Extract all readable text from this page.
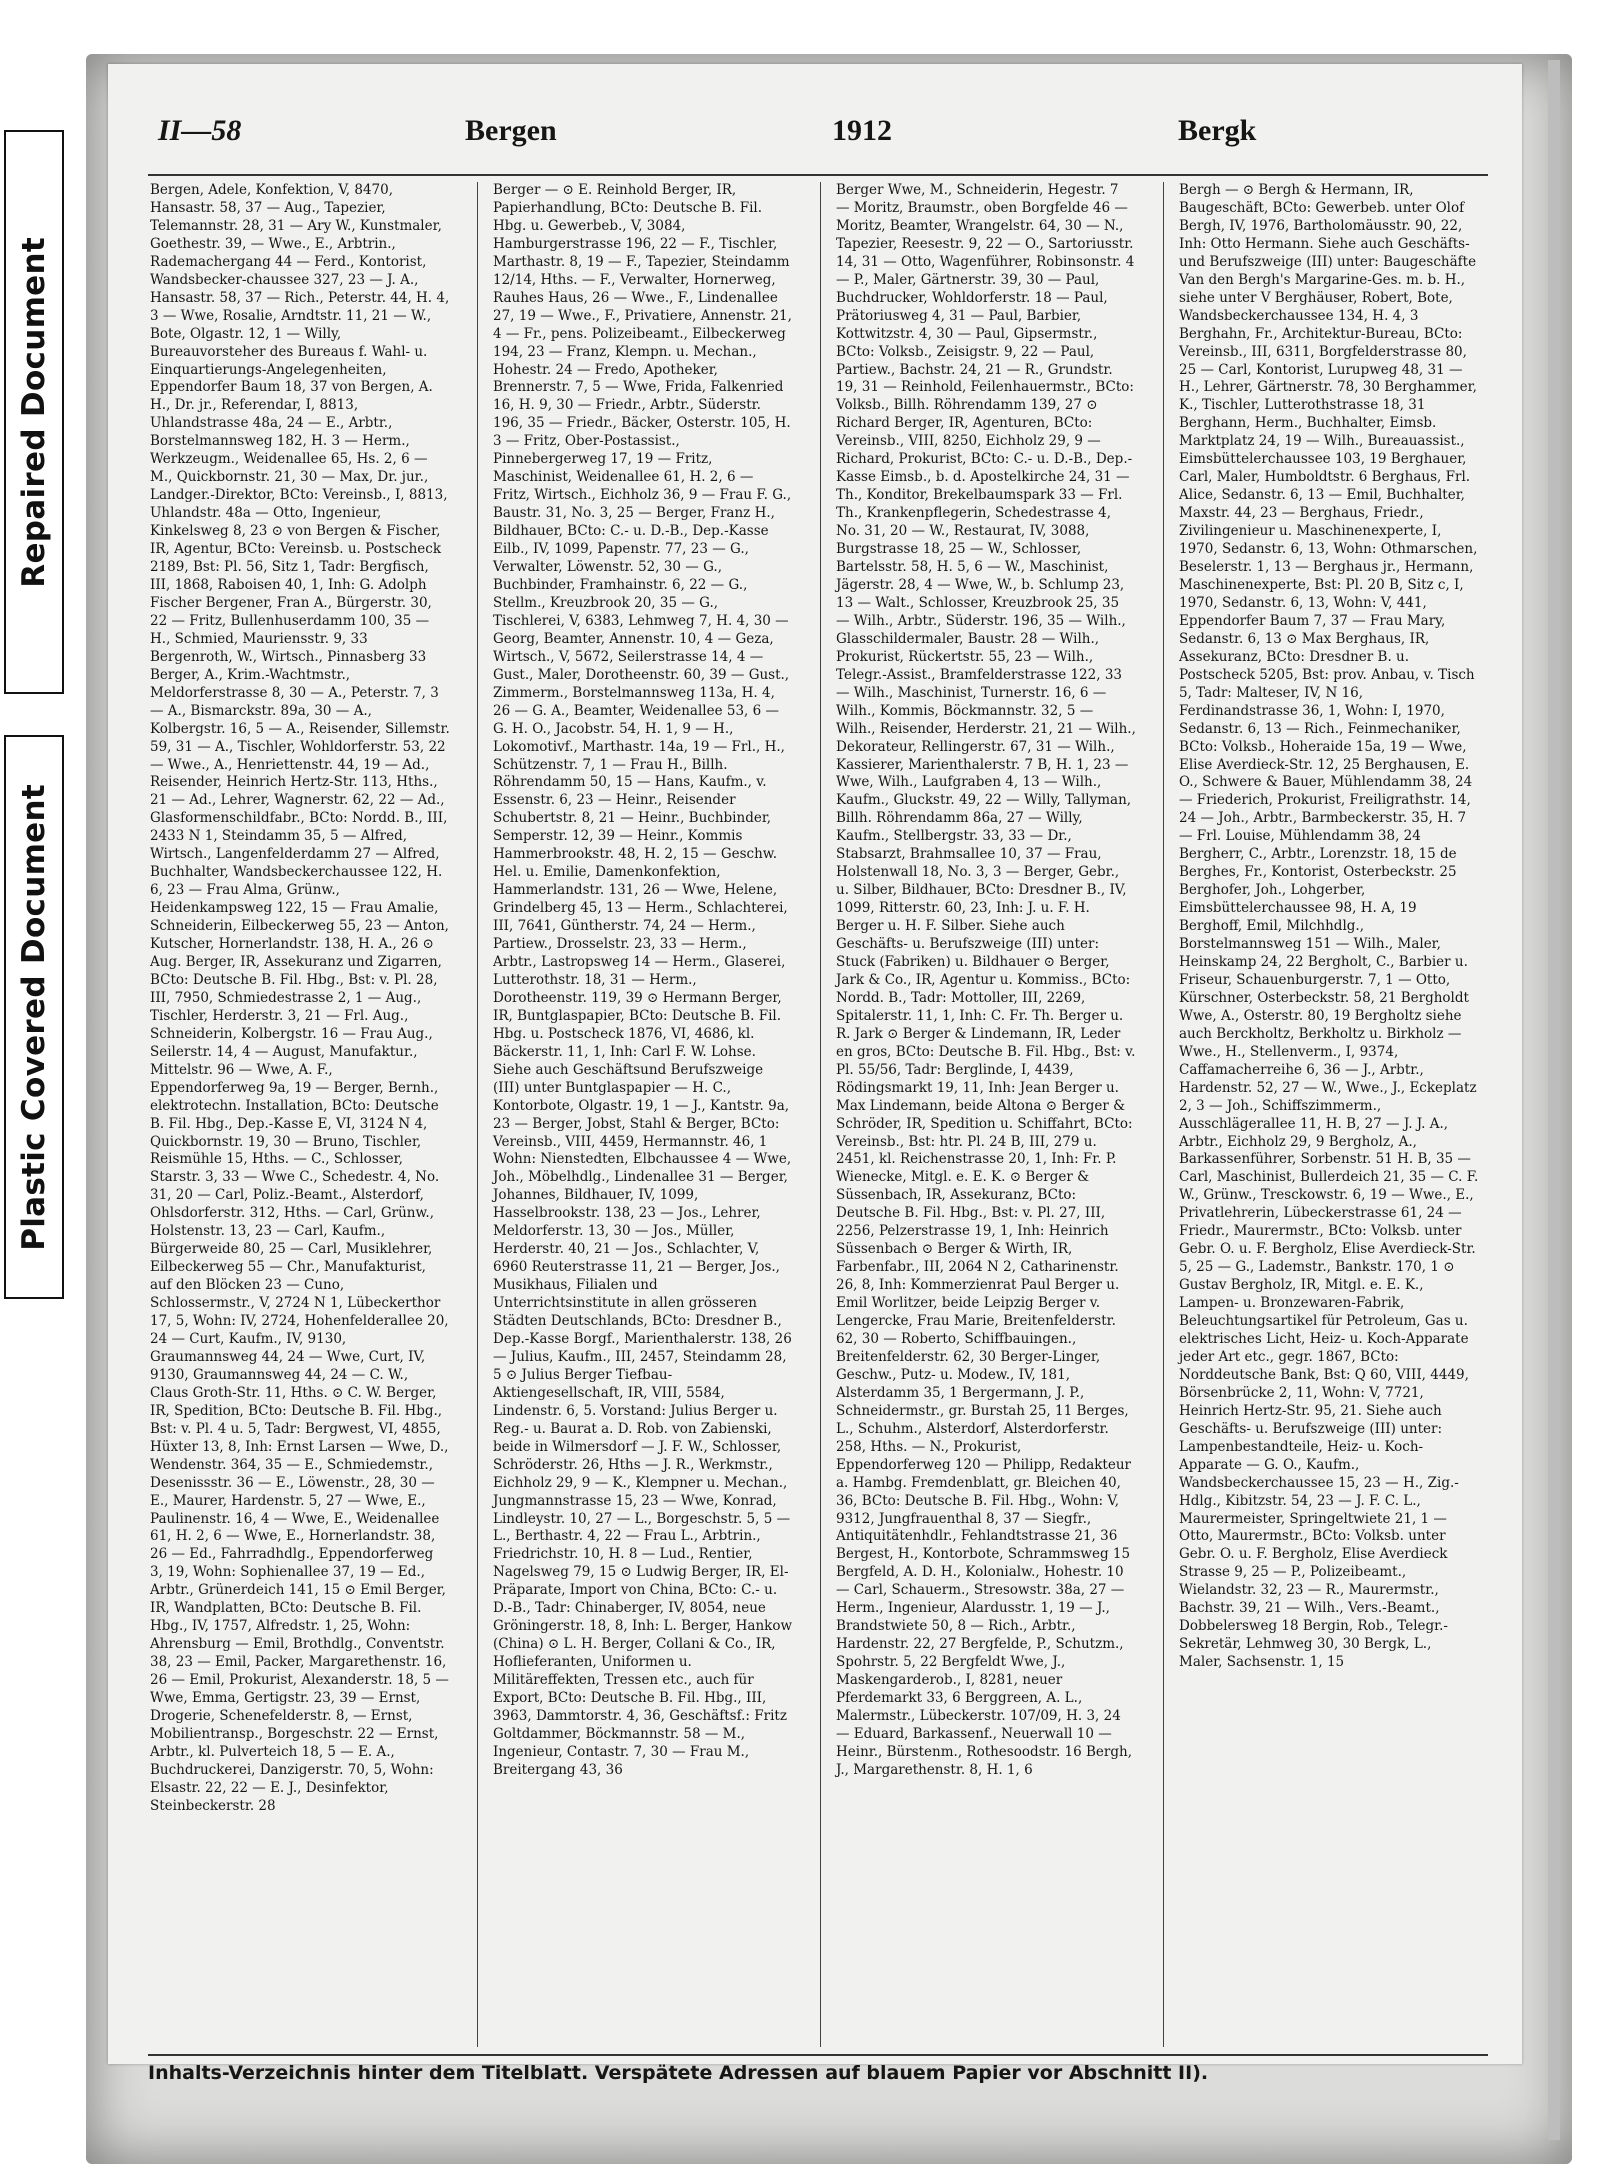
Repaired Document
Plastic Covered Document
II—58	Bergen	1912	Bergk
Bergen, Adele, Konfektion, V, 8470, Hansastr. 58, 37 — Aug., Tapezier, Telemannstr. 28, 31 — Ary W., Kunstmaler, Goethestr. 39, — Wwe., E., Arbtrin., Rademachergang 44 — Ferd., Kontorist, Wandsbecker-chaussee 327, 23 — J. A., Hansastr. 58, 37 — Rich., Peterstr. 44, H. 4, 3 — Wwe, Rosalie, Arndtstr. 11, 21 — W., Bote, Olgastr. 12, 1 — Willy, Bureauvorsteher des Bureaus f. Wahl- u. Einquartierungs-Angelegenheiten, Eppendorfer Baum 18, 37 von Bergen, A. H., Dr. jr., Referendar, I, 8813, Uhlandstrasse 48a, 24 — E., Arbtr., Borstelmannsweg 182, H. 3 — Herm., Werkzeugm., Weidenallee 65, Hs. 2, 6 — M., Quickbornstr. 21, 30 — Max, Dr. jur., Landger.-Direktor, BCto: Vereinsb., I, 8813, Uhlandstr. 48a — Otto, Ingenieur, Kinkelsweg 8, 23 ⊙ von Bergen & Fischer, IR, Agentur, BCto: Vereinsb. u. Postscheck 2189, Bst: Pl. 56, Sitz 1, Tadr: Bergfisch, III, 1868, Raboisen 40, 1, Inh: G. Adolph Fischer Bergener, Fran A., Bürgerstr. 30, 22 — Fritz, Bullenhuserdamm 100, 35 — H., Schmied, Mauriensstr. 9, 33 Bergenroth, W., Wirtsch., Pinnasberg 33 Berger, A., Krim.-Wachtmstr., Meldorferstrasse 8, 30 — A., Peterstr. 7, 3 — A., Bismarckstr. 89a, 30 — A., Kolbergstr. 16, 5 — A., Reisender, Sillemstr. 59, 31 — A., Tischler, Wohldorferstr. 53, 22 — Wwe., A., Henriettenstr. 44, 19 — Ad., Reisender, Heinrich Hertz-Str. 113, Hths., 21 — Ad., Lehrer, Wagnerstr. 62, 22 — Ad., Glasformenschildfabr., BCto: Nordd. B., III, 2433 N 1, Steindamm 35, 5 — Alfred, Wirtsch., Langenfelderdamm 27 — Alfred, Buchhalter, Wandsbeckerchaussee 122, H. 6, 23 — Frau Alma, Grünw., Heidenkampsweg 122, 15 — Frau Amalie, Schneiderin, Eilbeckerweg 55, 23 — Anton, Kutscher, Hornerlandstr. 138, H. A., 26 ⊙ Aug. Berger, IR, Assekuranz und Zigarren, BCto: Deutsche B. Fil. Hbg., Bst: v. Pl. 28, III, 7950, Schmiedestrasse 2, 1 — Aug., Tischler, Herderstr. 3, 21 — Frl. Aug., Schneiderin, Kolbergstr. 16 — Frau Aug., Seilerstr. 14, 4 — August, Manufaktur., Mittelstr. 96 — Wwe, A. F., Eppendorferweg 9a, 19 — Berger, Bernh., elektrotechn. Installation, BCto: Deutsche B. Fil. Hbg., Dep.-Kasse E, VI, 3124 N 4, Quickbornstr. 19, 30 — Bruno, Tischler, Reismühle 15, Hths. — C., Schlosser, Starstr. 3, 33 — Wwe C., Schedestr. 4, No. 31, 20 — Carl, Poliz.-Beamt., Alsterdorf, Ohlsdorferstr. 312, Hths. — Carl, Grünw., Holstenstr. 13, 23 — Carl, Kaufm., Bürgerweide 80, 25 — Carl, Musiklehrer, Eilbeckerweg 55 — Chr., Manufakturist, auf den Blöcken 23 — Cuno, Schlossermstr., V, 2724 N 1, Lübeckerthor 17, 5, Wohn: IV, 2724, Hohenfelderallee 20, 24 — Curt, Kaufm., IV, 9130, Graumannsweg 44, 24 — Wwe, Curt, IV, 9130, Graumannsweg 44, 24 — C. W., Claus Groth-Str. 11, Hths. ⊙ C. W. Berger, IR, Spedition, BCto: Deutsche B. Fil. Hbg., Bst: v. Pl. 4 u. 5, Tadr: Bergwest, VI, 4855, Hüxter 13, 8, Inh: Ernst Larsen — Wwe, D., Wendenstr. 364, 35 — E., Schmiedemstr., Desenissstr. 36 — E., Löwenstr., 28, 30 — E., Maurer, Hardenstr. 5, 27 — Wwe, E., Paulinenstr. 16, 4 — Wwe, E., Weidenallee 61, H. 2, 6 — Wwe, E., Hornerlandstr. 38, 26 — Ed., Fahrradhdlg., Eppendorferweg 3, 19, Wohn: Sophienallee 37, 19 — Ed., Arbtr., Grünerdeich 141, 15 ⊙ Emil Berger, IR, Wandplatten, BCto: Deutsche B. Fil. Hbg., IV, 1757, Alfredstr. 1, 25, Wohn: Ahrensburg — Emil, Brothdlg., Conventstr. 38, 23 — Emil, Packer, Margarethenstr. 16, 26 — Emil, Prokurist, Alexanderstr. 18, 5 — Wwe, Emma, Gertigstr. 23, 39 — Ernst, Drogerie, Schenefelderstr. 8, — Ernst, Mobilientransp., Borgeschstr. 22 — Ernst, Arbtr., kl. Pulverteich 18, 5 — E. A., Buchdruckerei, Danzigerstr. 70, 5, Wohn: Elsastr. 22, 22 — E. J., Desinfektor, Steinbeckerstr. 28
Berger — ⊙ E. Reinhold Berger, IR, Papierhandlung, BCto: Deutsche B. Fil. Hbg. u. Gewerbeb., V, 3084, Hamburgerstrasse 196, 22 — F., Tischler, Marthastr. 8, 19 — F., Tapezier, Steindamm 12/14, Hths. — F., Verwalter, Hornerweg, Rauhes Haus, 26 — Wwe., F., Lindenallee 27, 19 — Wwe., F., Privatiere, Annenstr. 21, 4 — Fr., pens. Polizeibeamt., Eilbeckerweg 194, 23 — Franz, Klempn. u. Mechan., Hohestr. 24 — Fredo, Apotheker, Brennerstr. 7, 5 — Wwe, Frida, Falkenried 16, H. 9, 30 — Friedr., Arbtr., Süderstr. 196, 35 — Friedr., Bäcker, Osterstr. 105, H. 3 — Fritz, Ober-Postassist., Pinnebergerweg 17, 19 — Fritz, Maschinist, Weidenallee 61, H. 2, 6 — Fritz, Wirtsch., Eichholz 36, 9 — Frau F. G., Baustr. 31, No. 3, 25 — Berger, Franz H., Bildhauer, BCto: C.- u. D.-B., Dep.-Kasse Eilb., IV, 1099, Papenstr. 77, 23 — G., Verwalter, Löwenstr. 52, 30 — G., Buchbinder, Framhainstr. 6, 22 — G., Stellm., Kreuzbrook 20, 35 — G., Tischlerei, V, 6383, Lehmweg 7, H. 4, 30 — Georg, Beamter, Annenstr. 10, 4 — Geza, Wirtsch., V, 5672, Seilerstrasse 14, 4 — Gust., Maler, Dorotheenstr. 60, 39 — Gust., Zimmerm., Borstelmannsweg 113a, H. 4, 26 — G. A., Beamter, Weidenallee 53, 6 — G. H. O., Jacobstr. 54, H. 1, 9 — H., Lokomotivf., Marthastr. 14a, 19 — Frl., H., Schützenstr. 7, 1 — Frau H., Billh. Röhrendamm 50, 15 — Hans, Kaufm., v. Essenstr. 6, 23 — Heinr., Reisender Schubertstr. 8, 21 — Heinr., Buchbinder, Semperstr. 12, 39 — Heinr., Kommis Hammerbrookstr. 48, H. 2, 15 — Geschw. Hel. u. Emilie, Damenkonfektion, Hammerlandstr. 131, 26 — Wwe, Helene, Grindelberg 45, 13 — Herm., Schlachterei, III, 7641, Güntherstr. 74, 24 — Herm., Partiew., Drosselstr. 23, 33 — Herm., Arbtr., Lastropsweg 14 — Herm., Glaserei, Lutterothstr. 18, 31 — Herm., Dorotheenstr. 119, 39 ⊙ Hermann Berger, IR, Buntglaspapier, BCto: Deutsche B. Fil. Hbg. u. Postscheck 1876, VI, 4686, kl. Bäckerstr. 11, 1, Inh: Carl F. W. Lohse. Siehe auch Geschäftsund Berufszweige (III) unter Buntglaspapier — H. C., Kontorbote, Olgastr. 19, 1 — J., Kantstr. 9a, 23 — Berger, Jobst, Stahl & Berger, BCto: Vereinsb., VIII, 4459, Hermannstr. 46, 1 Wohn: Nienstedten, Elbchaussee 4 — Wwe, Joh., Möbelhdlg., Lindenallee 31 — Berger, Johannes, Bildhauer, IV, 1099, Hasselbrookstr. 138, 23 — Jos., Lehrer, Meldorferstr. 13, 30 — Jos., Müller, Herderstr. 40, 21 — Jos., Schlachter, V, 6960 Reuterstrasse 11, 21 — Berger, Jos., Musikhaus, Filialen und Unterrichtsinstitute in allen grösseren Städten Deutschlands, BCto: Dresdner B., Dep.-Kasse Borgf., Marienthalerstr. 138, 26 — Julius, Kaufm., III, 2457, Steindamm 28, 5 ⊙ Julius Berger Tiefbau-Aktiengesellschaft, IR, VIII, 5584, Lindenstr. 6, 5. Vorstand: Julius Berger u. Reg.- u. Baurat a. D. Rob. von Zabienski, beide in Wilmersdorf — J. F. W., Schlosser, Schröderstr. 26, Hths — J. R., Werkmstr., Eichholz 29, 9 — K., Klempner u. Mechan., Jungmannstrasse 15, 23 — Wwe, Konrad, Lindleystr. 10, 27 — L., Borgeschstr. 5, 5 — L., Berthastr. 4, 22 — Frau L., Arbtrin., Friedrichstr. 10, H. 8 — Lud., Rentier, Nagelsweg 79, 15 ⊙ Ludwig Berger, IR, El-Präparate, Import von China, BCto: C.- u. D.-B., Tadr: Chinaberger, IV, 8054, neue Gröningerstr. 18, 8, Inh: L. Berger, Hankow (China) ⊙ L. H. Berger, Collani & Co., IR, Hoflieferanten, Uniformen u. Militäreffekten, Tressen etc., auch für Export, BCto: Deutsche B. Fil. Hbg., III, 3963, Dammtorstr. 4, 36, Geschäftsf.: Fritz Goltdammer, Böckmannstr. 58 — M., Ingenieur, Contastr. 7, 30 — Frau M., Breitergang 43, 36
Berger Wwe, M., Schneiderin, Hegestr. 7 — Moritz, Braumstr., oben Borgfelde 46 — Moritz, Beamter, Wrangelstr. 64, 30 — N., Tapezier, Reesestr. 9, 22 — O., Sartoriusstr. 14, 31 — Otto, Wagenführer, Robinsonstr. 4 — P., Maler, Gärtnerstr. 39, 30 — Paul, Buchdrucker, Wohldorferstr. 18 — Paul, Prätoriusweg 4, 31 — Paul, Barbier, Kottwitzstr. 4, 30 — Paul, Gipsermstr., BCto: Volksb., Zeisigstr. 9, 22 — Paul, Partiew., Bachstr. 24, 21 — R., Grundstr. 19, 31 — Reinhold, Feilenhauermstr., BCto: Volksb., Billh. Röhrendamm 139, 27 ⊙ Richard Berger, IR, Agenturen, BCto: Vereinsb., VIII, 8250, Eichholz 29, 9 — Richard, Prokurist, BCto: C.- u. D.-B., Dep.-Kasse Eimsb., b. d. Apostelkirche 24, 31 — Th., Konditor, Brekelbaumspark 33 — Frl. Th., Krankenpflegerin, Schedestrasse 4, No. 31, 20 — W., Restaurat, IV, 3088, Burgstrasse 18, 25 — W., Schlosser, Bartelsstr. 58, H. 5, 6 — W., Maschinist, Jägerstr. 28, 4 — Wwe, W., b. Schlump 23, 13 — Walt., Schlosser, Kreuzbrook 25, 35 — Wilh., Arbtr., Süderstr. 196, 35 — Wilh., Glasschildermaler, Baustr. 28 — Wilh., Prokurist, Rückertstr. 55, 23 — Wilh., Telegr.-Assist., Bramfelderstrasse 122, 33 — Wilh., Maschinist, Turnerstr. 16, 6 — Wilh., Kommis, Böckmannstr. 32, 5 — Wilh., Reisender, Herderstr. 21, 21 — Wilh., Dekorateur, Rellingerstr. 67, 31 — Wilh., Kassierer, Marienthalerstr. 7 B, H. 1, 23 — Wwe, Wilh., Laufgraben 4, 13 — Wilh., Kaufm., Gluckstr. 49, 22 — Willy, Tallyman, Billh. Röhrendamm 86a, 27 — Willy, Kaufm., Stellbergstr. 33, 33 — Dr., Stabsarzt, Brahmsallee 10, 37 — Frau, Holstenwall 18, No. 3, 3 — Berger, Gebr., u. Silber, Bildhauer, BCto: Dresdner B., IV, 1099, Ritterstr. 60, 23, Inh: J. u. F. H. Berger u. H. F. Silber. Siehe auch Geschäfts- u. Berufszweige (III) unter: Stuck (Fabriken) u. Bildhauer ⊙ Berger, Jark & Co., IR, Agentur u. Kommiss., BCto: Nordd. B., Tadr: Mottoller, III, 2269, Spitalerstr. 11, 1, Inh: C. Fr. Th. Berger u. R. Jark ⊙ Berger & Lindemann, IR, Leder en gros, BCto: Deutsche B. Fil. Hbg., Bst: v. Pl. 55/56, Tadr: Berglinde, I, 4439, Rödingsmarkt 19, 11, Inh: Jean Berger u. Max Lindemann, beide Altona ⊙ Berger & Schröder, IR, Spedition u. Schiffahrt, BCto: Vereinsb., Bst: htr. Pl. 24 B, III, 279 u. 2451, kl. Reichenstrasse 20, 1, Inh: Fr. P. Wienecke, Mitgl. e. E. K. ⊙ Berger & Süssenbach, IR, Assekuranz, BCto: Deutsche B. Fil. Hbg., Bst: v. Pl. 27, III, 2256, Pelzerstrasse 19, 1, Inh: Heinrich Süssenbach ⊙ Berger & Wirth, IR, Farbenfabr., III, 2064 N 2, Catharinenstr. 26, 8, Inh: Kommerzienrat Paul Berger u. Emil Worlitzer, beide Leipzig Berger v. Lengercke, Frau Marie, Breitenfelderstr. 62, 30 — Roberto, Schiffbauingen., Breitenfelderstr. 62, 30 Berger-Linger, Geschw., Putz- u. Modew., IV, 181, Alsterdamm 35, 1 Bergermann, J. P., Schneidermstr., gr. Burstah 25, 11 Berges, L., Schuhm., Alsterdorf, Alsterdorferstr. 258, Hths. — N., Prokurist, Eppendorferweg 120 — Philipp, Redakteur a. Hambg. Fremdenblatt, gr. Bleichen 40, 36, BCto: Deutsche B. Fil. Hbg., Wohn: V, 9312, Jungfrauenthal 8, 37 — Siegfr., Antiquitätenhdlr., Fehlandtstrasse 21, 36 Bergest, H., Kontorbote, Schrammsweg 15 Bergfeld, A. D. H., Kolonialw., Hohestr. 10 — Carl, Schauerm., Stresowstr. 38a, 27 — Herm., Ingenieur, Alardusstr. 1, 19 — J., Brandstwiete 50, 8 — Rich., Arbtr., Hardenstr. 22, 27 Bergfelde, P., Schutzm., Spohrstr. 5, 22 Bergfeldt Wwe, J., Maskengarderob., I, 8281, neuer Pferdemarkt 33, 6 Berggreen, A. L., Malermstr., Lübeckerstr. 107/09, H. 3, 24 — Eduard, Barkassenf., Neuerwall 10 — Heinr., Bürstenm., Rothesoodstr. 16 Bergh, J., Margarethenstr. 8, H. 1, 6
Bergh — ⊙ Bergh & Hermann, IR, Baugeschäft, BCto: Gewerbeb. unter Olof Bergh, IV, 1976, Bartholomäusstr. 90, 22, Inh: Otto Hermann. Siehe auch Geschäfts- und Berufszweige (III) unter: Baugeschäfte Van den Bergh's Margarine-Ges. m. b. H., siehe unter V Berghäuser, Robert, Bote, Wandsbeckerchaussee 134, H. 4, 3 Berghahn, Fr., Architektur-Bureau, BCto: Vereinsb., III, 6311, Borgfelderstrasse 80, 25 — Carl, Kontorist, Lurupweg 48, 31 — H., Lehrer, Gärtnerstr. 78, 30 Berghammer, K., Tischler, Lutterothstrasse 18, 31 Berghann, Herm., Buchhalter, Eimsb. Marktplatz 24, 19 — Wilh., Bureauassist., Eimsbüttelerchaussee 103, 19 Berghauer, Carl, Maler, Humboldtstr. 6 Berghaus, Frl. Alice, Sedanstr. 6, 13 — Emil, Buchhalter, Maxstr. 44, 23 — Berghaus, Friedr., Zivilingenieur u. Maschinenexperte, I, 1970, Sedanstr. 6, 13, Wohn: Othmarschen, Beselerstr. 1, 13 — Berghaus jr., Hermann, Maschinenexperte, Bst: Pl. 20 B, Sitz c, I, 1970, Sedanstr. 6, 13, Wohn: V, 441, Eppendorfer Baum 7, 37 — Frau Mary, Sedanstr. 6, 13 ⊙ Max Berghaus, IR, Assekuranz, BCto: Dresdner B. u. Postscheck 5205, Bst: prov. Anbau, v. Tisch 5, Tadr: Malteser, IV, N 16, Ferdinandstrasse 36, 1, Wohn: I, 1970, Sedanstr. 6, 13 — Rich., Feinmechaniker, BCto: Volksb., Hoheraide 15a, 19 — Wwe, Elise Averdieck-Str. 12, 25 Berghausen, E. O., Schwere & Bauer, Mühlendamm 38, 24 — Friederich, Prokurist, Freiligrathstr. 14, 24 — Joh., Arbtr., Barmbeckerstr. 35, H. 7 — Frl. Louise, Mühlendamm 38, 24 Bergherr, C., Arbtr., Lorenzstr. 18, 15 de Berghes, Fr., Kontorist, Osterbeckstr. 25 Berghofer, Joh., Lohgerber, Eimsbüttelerchaussee 98, H. A, 19 Berghoff, Emil, Milchhdlg., Borstelmannsweg 151 — Wilh., Maler, Heinskamp 24, 22 Bergholt, C., Barbier u. Friseur, Schauenburgerstr. 7, 1 — Otto, Kürschner, Osterbeckstr. 58, 21 Bergholdt Wwe, A., Osterstr. 80, 19 Bergholtz siehe auch Berckholtz, Berkholtz u. Birkholz — Wwe., H., Stellenverm., I, 9374, Caffamacherreihe 6, 36 — J., Arbtr., Hardenstr. 52, 27 — W., Wwe., J., Eckeplatz 2, 3 — Joh., Schiffszimmerm., Ausschlägerallee 11, H. B, 27 — J. J. A., Arbtr., Eichholz 29, 9 Bergholz, A., Barkassenführer, Sorbenstr. 51 H. B, 35 — Carl, Maschinist, Bullerdeich 21, 35 — C. F. W., Grünw., Tresckowstr. 6, 19 — Wwe., E., Privatlehrerin, Lübeckerstrasse 61, 24 — Friedr., Maurermstr., BCto: Volksb. unter Gebr. O. u. F. Bergholz, Elise Averdieck-Str. 5, 25 — G., Lademstr., Bankstr. 170, 1 ⊙ Gustav Bergholz, IR, Mitgl. e. E. K., Lampen- u. Bronzewaren-Fabrik, Beleuchtungsartikel für Petroleum, Gas u. elektrisches Licht, Heiz- u. Koch-Apparate jeder Art etc., gegr. 1867, BCto: Norddeutsche Bank, Bst: Q 60, VIII, 4449, Börsenbrücke 2, 11, Wohn: V, 7721, Heinrich Hertz-Str. 95, 21. Siehe auch Geschäfts- u. Berufszweige (III) unter: Lampenbestandteile, Heiz- u. Koch-Apparate — G. O., Kaufm., Wandsbeckerchaussee 15, 23 — H., Zig.-Hdlg., Kibitzstr. 54, 23 — J. F. C. L., Maurermeister, Springeltwiete 21, 1 — Otto, Maurermstr., BCto: Volksb. unter Gebr. O. u. F. Bergholz, Elise Averdieck Strasse 9, 25 — P., Polizeibeamt., Wielandstr. 32, 23 — R., Maurermstr., Bachstr. 39, 21 — Wilh., Vers.-Beamt., Dobbelersweg 18 Bergin, Rob., Telegr.-Sekretär, Lehmweg 30, 30 Bergk, L., Maler, Sachsenstr. 1, 15
Inhalts-Verzeichnis hinter dem Titelblatt. Verspätete Adressen auf blauem Papier vor Abschnitt II).
